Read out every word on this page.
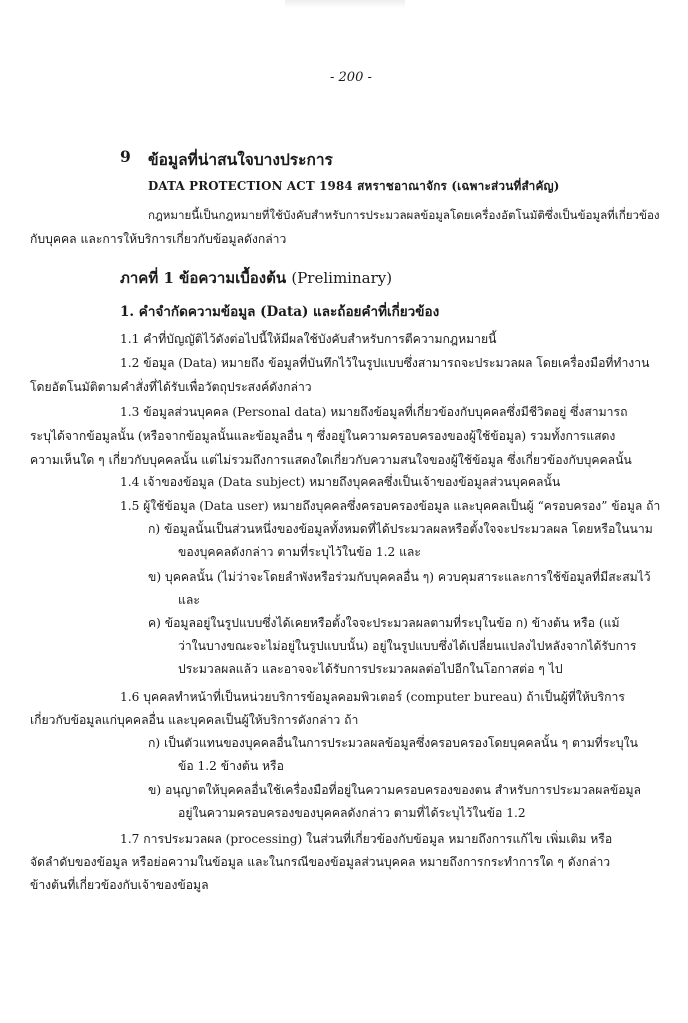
- 200 -
9 ข้อมูลที่น่าสนใจบางประการ
DATA PROTECTION ACT 1984 สหราชอาณาจักร (เฉพาะส่วนที่สำคัญ)
กฎหมายนี้เป็นกฎหมายที่ใช้บังคับสำหรับการประมวลผลข้อมูลโดยเครื่องอัตโนมัติซึ่งเป็นข้อมูลที่เกี่ยวข้อง
กับบุคคล และการให้บริการเกี่ยวกับข้อมูลดังกล่าว
ภาคที่ 1 ข้อความเบื้องต้น (Preliminary)
1. คำจำกัดความข้อมูล (Data) และถ้อยคำที่เกี่ยวข้อง
1.1 คำที่บัญญัติไว้ดังต่อไปนี้ให้มีผลใช้บังคับสำหรับการตีความกฎหมายนี้
1.2 ข้อมูล (Data) หมายถึง ข้อมูลที่บันทึกไว้ในรูปแบบซึ่งสามารถจะประมวลผล โดยเครื่องมือที่ทำงาน
โดยอัตโนมัติตามคำสั่งที่ได้รับเพื่อวัตถุประสงค์ดังกล่าว
1.3 ข้อมูลส่วนบุคคล (Personal data) หมายถึงข้อมูลที่เกี่ยวข้องกับบุคคลซึ่งมีชีวิตอยู่ ซึ่งสามารถ
ระบุได้จากข้อมูลนั้น (หรือจากข้อมูลนั้นและข้อมูลอื่น ๆ ซึ่งอยู่ในความครอบครองของผู้ใช้ข้อมูล) รวมทั้งการแสดง
ความเห็นใด ๆ เกี่ยวกับบุคคลนั้น แต่ไม่รวมถึงการแสดงใดเกี่ยวกับความสนใจของผู้ใช้ข้อมูล ซึ่งเกี่ยวข้องกับบุคคลนั้น
1.4 เจ้าของข้อมูล (Data subject) หมายถึงบุคคลซึ่งเป็นเจ้าของข้อมูลส่วนบุคคลนั้น
1.5 ผู้ใช้ข้อมูล (Data user) หมายถึงบุคคลซึ่งครอบครองข้อมูล และบุคคลเป็นผู้ “ครอบครอง” ข้อมูล ถ้า
ก) ข้อมูลนั้นเป็นส่วนหนึ่งของข้อมูลทั้งหมดที่ได้ประมวลผลหรือตั้งใจจะประมวลผล โดยหรือในนาม
ของบุคคลดังกล่าว ตามที่ระบุไว้ในข้อ 1.2 และ
ข) บุคคลนั้น (ไม่ว่าจะโดยลำพังหรือร่วมกับบุคคลอื่น ๆ) ควบคุมสาระและการใช้ข้อมูลที่มีสะสมไว้
และ
ค) ข้อมูลอยู่ในรูปแบบซึ่งได้เคยหรือตั้งใจจะประมวลผลตามที่ระบุในข้อ ก) ข้างต้น หรือ (แม้
ว่าในบางขณะจะไม่อยู่ในรูปแบบนั้น) อยู่ในรูปแบบซึ่งได้เปลี่ยนแปลงไปหลังจากได้รับการ
ประมวลผลแล้ว และอาจจะได้รับการประมวลผลต่อไปอีกในโอกาสต่อ ๆ ไป
1.6 บุคคลทำหน้าที่เป็นหน่วยบริการข้อมูลคอมพิวเตอร์ (computer bureau) ถ้าเป็นผู้ที่ให้บริการ
เกี่ยวกับข้อมูลแก่บุคคลอื่น และบุคคลเป็นผู้ให้บริการดังกล่าว ถ้า
ก) เป็นตัวแทนของบุคคลอื่นในการประมวลผลข้อมูลซึ่งครอบครองโดยบุคคลนั้น ๆ ตามที่ระบุใน
ข้อ 1.2 ข้างต้น หรือ
ข) อนุญาตให้บุคคลอื่นใช้เครื่องมือที่อยู่ในความครอบครองของตน สำหรับการประมวลผลข้อมูล
อยู่ในความครอบครองของบุคคลดังกล่าว ตามที่ได้ระบุไว้ในข้อ 1.2
1.7 การประมวลผล (processing) ในส่วนที่เกี่ยวข้องกับข้อมูล หมายถึงการแก้ไข เพิ่มเติม หรือ
จัดลำดับของข้อมูล หรือย่อความในข้อมูล และในกรณีของข้อมูลส่วนบุคคล หมายถึงการกระทำการใด ๆ ดังกล่าว
ข้างต้นที่เกี่ยวข้องกับเจ้าของข้อมูล
